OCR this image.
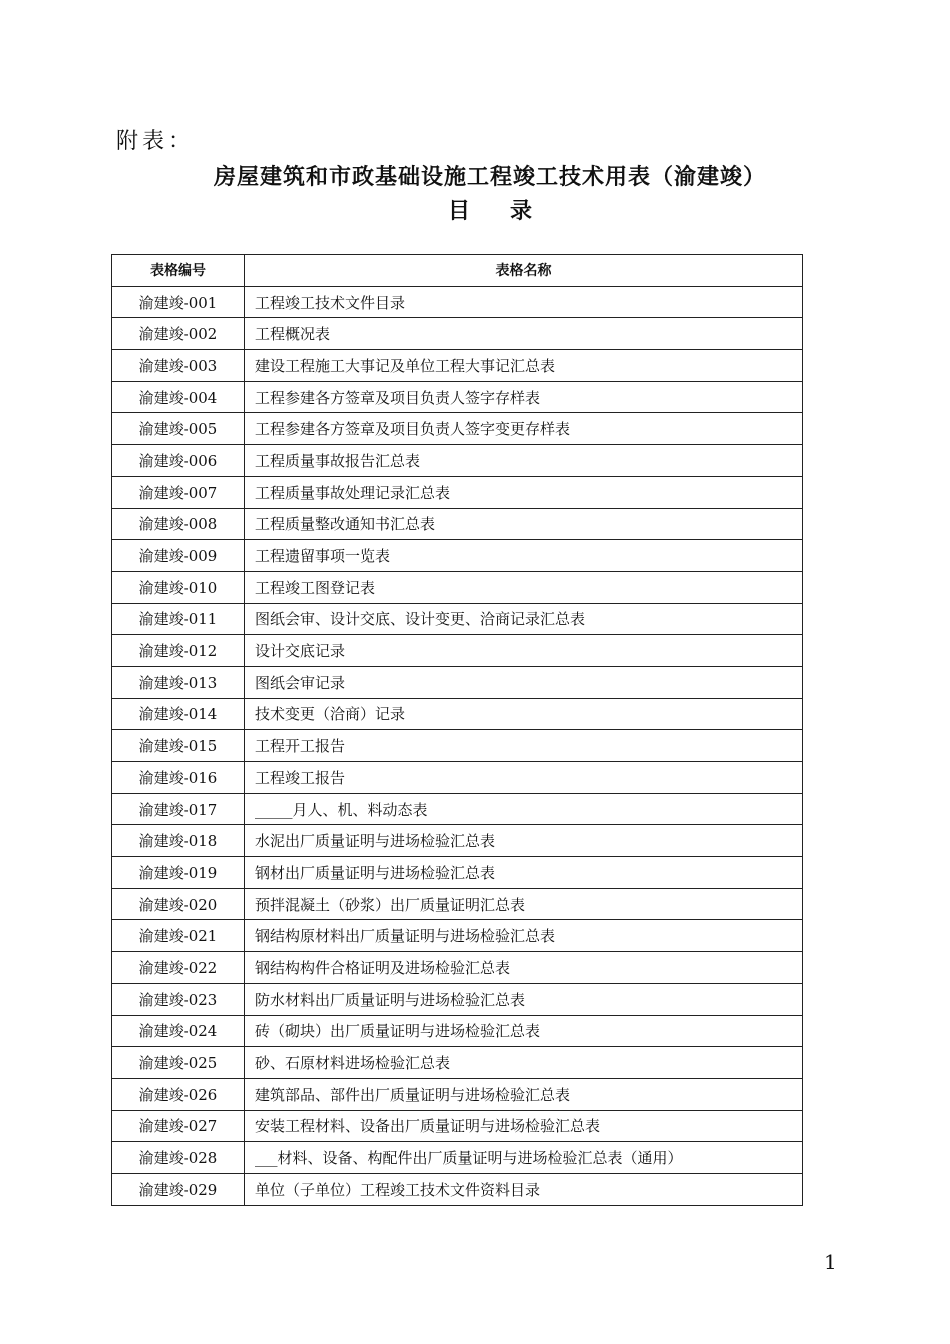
附表：
房屋建筑和市政基础设施工程竣工技术用表（渝建竣）
目 录
表格编号	表格名称
渝建竣-001	工程竣工技术文件目录
渝建竣-002	工程概况表
渝建竣-003	建设工程施工大事记及单位工程大事记汇总表
渝建竣-004	工程参建各方签章及项目负责人签字存样表
渝建竣-005	工程参建各方签章及项目负责人签字变更存样表
渝建竣-006	工程质量事故报告汇总表
渝建竣-007	工程质量事故处理记录汇总表
渝建竣-008	工程质量整改通知书汇总表
渝建竣-009	工程遗留事项一览表
渝建竣-010	工程竣工图登记表
渝建竣-011	图纸会审、设计交底、设计变更、洽商记录汇总表
渝建竣-012	设计交底记录
渝建竣-013	图纸会审记录
渝建竣-014	技术变更（洽商）记录
渝建竣-015	工程开工报告
渝建竣-016	工程竣工报告
渝建竣-017	_____月人、机、料动态表
渝建竣-018	水泥出厂质量证明与进场检验汇总表
渝建竣-019	钢材出厂质量证明与进场检验汇总表
渝建竣-020	预拌混凝土（砂浆）出厂质量证明汇总表
渝建竣-021	钢结构原材料出厂质量证明与进场检验汇总表
渝建竣-022	钢结构构件合格证明及进场检验汇总表
渝建竣-023	防水材料出厂质量证明与进场检验汇总表
渝建竣-024	砖（砌块）出厂质量证明与进场检验汇总表
渝建竣-025	砂、石原材料进场检验汇总表
渝建竣-026	建筑部品、部件出厂质量证明与进场检验汇总表
渝建竣-027	安装工程材料、设备出厂质量证明与进场检验汇总表
渝建竣-028	___材料、设备、构配件出厂质量证明与进场检验汇总表（通用）
渝建竣-029	单位（子单位）工程竣工技术文件资料目录
1
